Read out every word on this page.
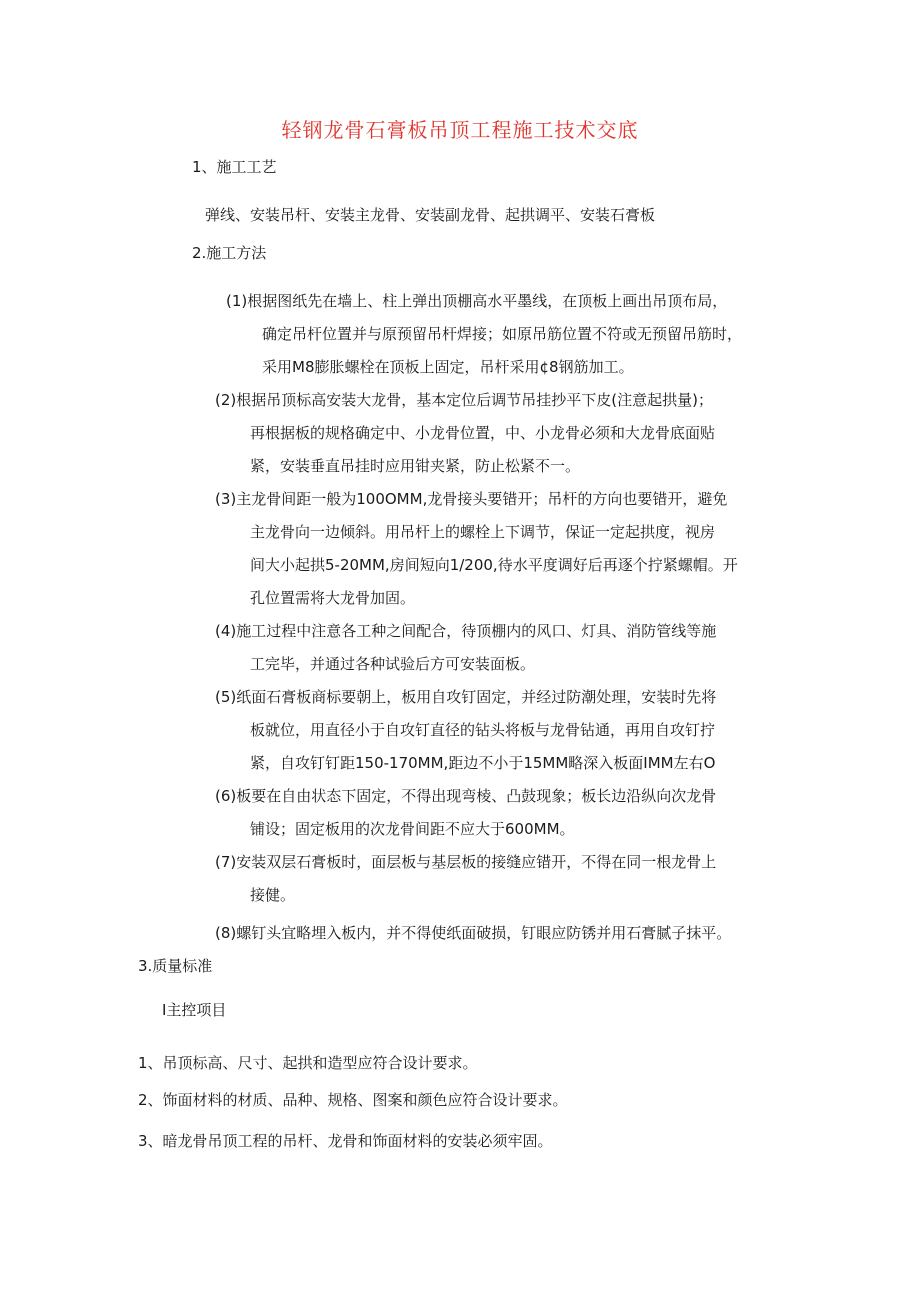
轻钢龙骨石膏板吊顶工程施工技术交底
1、施工工艺
弹线、安装吊杆、安装主龙骨、安装副龙骨、起拱调平、安装石膏板
2.施工方法
(1)根据图纸先在墙上、柱上弹出顶棚高水平墨线，在顶板上画出吊顶布局，
确定吊杆位置并与原预留吊杆焊接；如原吊筋位置不符或无预留吊筋时，
采用M8膨胀螺栓在顶板上固定，吊杆采用¢8钢筋加工。
(2)根据吊顶标高安装大龙骨，基本定位后调节吊挂抄平下皮(注意起拱量)；
再根据板的规格确定中、小龙骨位置，中、小龙骨必须和大龙骨底面贴
紧，安装垂直吊挂时应用钳夹紧，防止松紧不一。
(3)主龙骨间距一般为100OMM,龙骨接头要错开；吊杆的方向也要错开，避免
主龙骨向一边倾斜。用吊杆上的螺栓上下调节，保证一定起拱度，视房
间大小起拱5-20MM,房间短向1/200,待水平度调好后再逐个拧紧螺帽。开
孔位置需将大龙骨加固。
(4)施工过程中注意各工种之间配合，待顶棚内的风口、灯具、消防管线等施
工完毕，并通过各种试验后方可安装面板。
(5)纸面石膏板商标要朝上，板用自攻钉固定，并经过防潮处理，安装时先将
板就位，用直径小于自攻钉直径的钻头将板与龙骨钻通，再用自攻钉拧
紧，自攻钉钉距150-170MM,距边不小于15MM略深入板面IMM左右O
(6)板要在自由状态下固定，不得出现弯棱、凸鼓现象；板长边沿纵向次龙骨
铺设；固定板用的次龙骨间距不应大于600MM。
(7)安装双层石膏板时，面层板与基层板的接缝应错开，不得在同一根龙骨上
接健。
(8)螺钉头宜略埋入板内，并不得使纸面破损，钉眼应防锈并用石膏腻子抹平。
3.质量标准
I主控项目
1、吊顶标高、尺寸、起拱和造型应符合设计要求。
2、饰面材料的材质、品种、规格、图案和颜色应符合设计要求。
3、暗龙骨吊顶工程的吊杆、龙骨和饰面材料的安装必须牢固。
